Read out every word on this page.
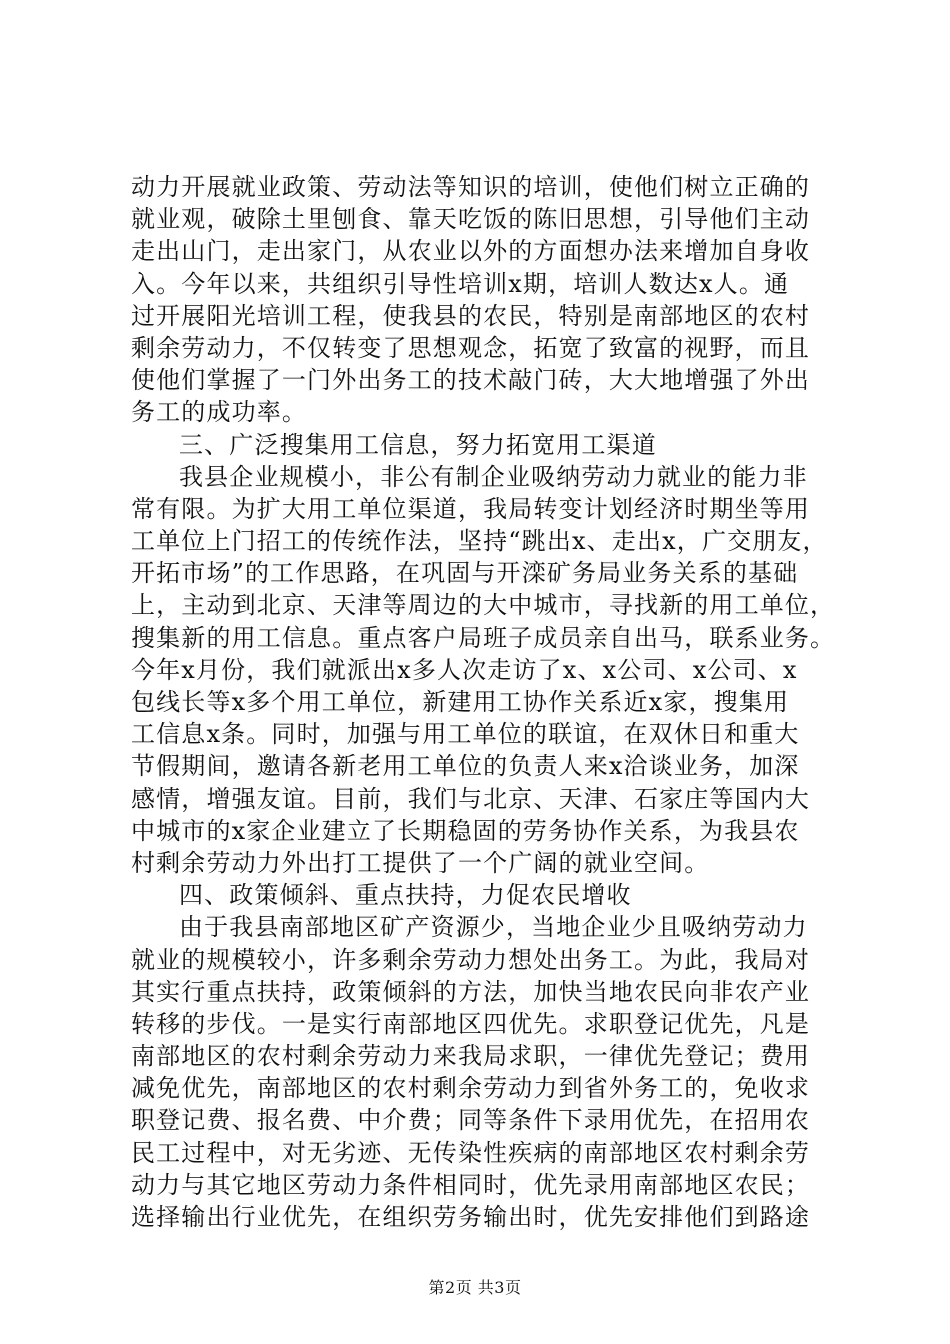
动力开展就业政策、劳动法等知识的培训，使他们树立正确的
就业观，破除土里刨食、靠天吃饭的陈旧思想，引导他们主动
走出山门，走出家门，从农业以外的方面想办法来增加自身收
入。今年以来，共组织引导性培训x期，培训人数达x人。通
过开展阳光培训工程，使我县的农民，特别是南部地区的农村
剩余劳动力，不仅转变了思想观念，拓宽了致富的视野，而且
使他们掌握了一门外出务工的技术敲门砖，大大地增强了外出
务工的成功率。
三、广泛搜集用工信息，努力拓宽用工渠道
我县企业规模小，非公有制企业吸纳劳动力就业的能力非
常有限。为扩大用工单位渠道，我局转变计划经济时期坐等用
工单位上门招工的传统作法，坚持“跳出x、走出x，广交朋友，
开拓市场”的工作思路，在巩固与开滦矿务局业务关系的基础
上，主动到北京、天津等周边的大中城市，寻找新的用工单位，
搜集新的用工信息。重点客户局班子成员亲自出马，联系业务。
今年x月份，我们就派出x多人次走访了x、x公司、x公司、x
包线长等x多个用工单位，新建用工协作关系近x家，搜集用
工信息x条。同时，加强与用工单位的联谊，在双休日和重大
节假期间，邀请各新老用工单位的负责人来x洽谈业务，加深
感情，增强友谊。目前，我们与北京、天津、石家庄等国内大
中城市的x家企业建立了长期稳固的劳务协作关系，为我县农
村剩余劳动力外出打工提供了一个广阔的就业空间。
四、政策倾斜、重点扶持，力促农民增收
由于我县南部地区矿产资源少，当地企业少且吸纳劳动力
就业的规模较小，许多剩余劳动力想处出务工。为此，我局对
其实行重点扶持，政策倾斜的方法，加快当地农民向非农产业
转移的步伐。一是实行南部地区四优先。求职登记优先，凡是
南部地区的农村剩余劳动力来我局求职，一律优先登记；费用
减免优先，南部地区的农村剩余劳动力到省外务工的，免收求
职登记费、报名费、中介费；同等条件下录用优先，在招用农
民工过程中，对无劣迹、无传染性疾病的南部地区农村剩余劳
动力与其它地区劳动力条件相同时，优先录用南部地区农民；
选择输出行业优先，在组织劳务输出时，优先安排他们到路途
第2页 共3页
